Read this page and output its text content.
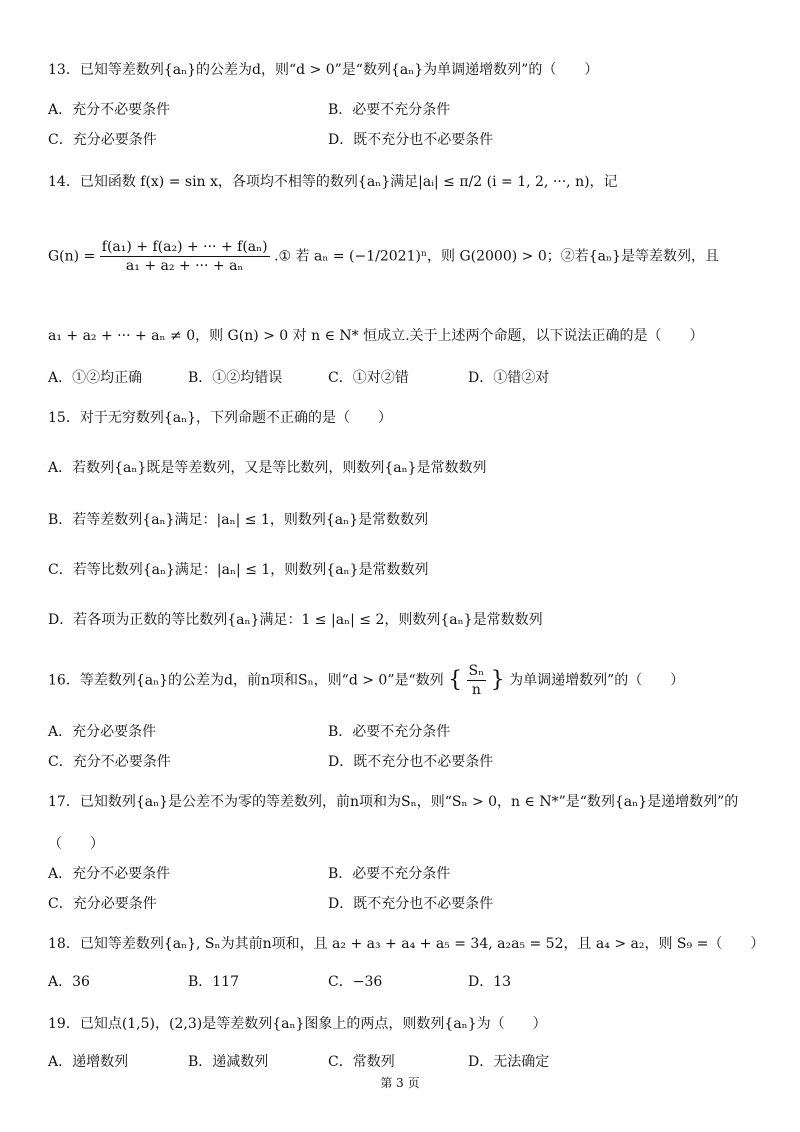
13．已知等差数列{aₙ}的公差为d，则“d > 0”是“数列{aₙ}为单调递增数列”的（　　）
A．充分不必要条件	B．必要不充分条件
C．充分必要条件	D．既不充分也不必要条件
14．已知函数 f(x) = sin x，各项均不相等的数列{aₙ}满足|aᵢ| ≤ π/2 (i = 1, 2, ···, n)，记
$G(n) = \frac{\text{f(a₁) + f(a₂) + ··· + f(aₙ)}}{\text{a₁ + a₂ + ··· + aₙ}}$ .① 若 aₙ = (−1/2021)ⁿ，则 G(2000) > 0；②若{aₙ}是等差数列，且
a₁ + a₂ + ··· + aₙ ≠ 0，则 G(n) > 0 对 n ∈ N* 恒成立.关于上述两个命题，以下说法正确的是（　　）
A．①②均正确	B．①②均错误	C．①对②错	D．①错②对
15．对于无穷数列{aₙ}，下列命题不正确的是（　　）
A．若数列{aₙ}既是等差数列，又是等比数列，则数列{aₙ}是常数数列
B．若等差数列{aₙ}满足：|aₙ| ≤ 1，则数列{aₙ}是常数数列
C．若等比数列{aₙ}满足：|aₙ| ≤ 1，则数列{aₙ}是常数数列
D．若各项为正数的等比数列{aₙ}满足：1 ≤ |aₙ| ≤ 2，则数列{aₙ}是常数数列
16．等差数列{aₙ}的公差为d，前n项和Sₙ，则“d > 0”是“数列 { $\frac{\text{Sₙ}}{n}$ } 为单调递增数列”的（　　）
A．充分必要条件	B．必要不充分条件
C．充分不必要条件	D．既不充分也不必要条件
17．已知数列{aₙ}是公差不为零的等差数列，前n项和为Sₙ，则“Sₙ > 0，n ∈ N*”是“数列{aₙ}是递增数列”的
（　　）
A．充分不必要条件	B．必要不充分条件
C．充分必要条件	D．既不充分也不必要条件
18．已知等差数列{aₙ}, Sₙ为其前n项和，且 a₂ + a₃ + a₄ + a₅ = 34, a₂a₅ = 52，且 a₄ > a₂，则 S₉ =（　　）
A．36	B．117	C．−36	D．13
19．已知点(1,5)，(2,3)是等差数列{aₙ}图象上的两点，则数列{aₙ}为（　　）
A．递增数列	B．递减数列	C．常数列	D．无法确定
第 3 页
